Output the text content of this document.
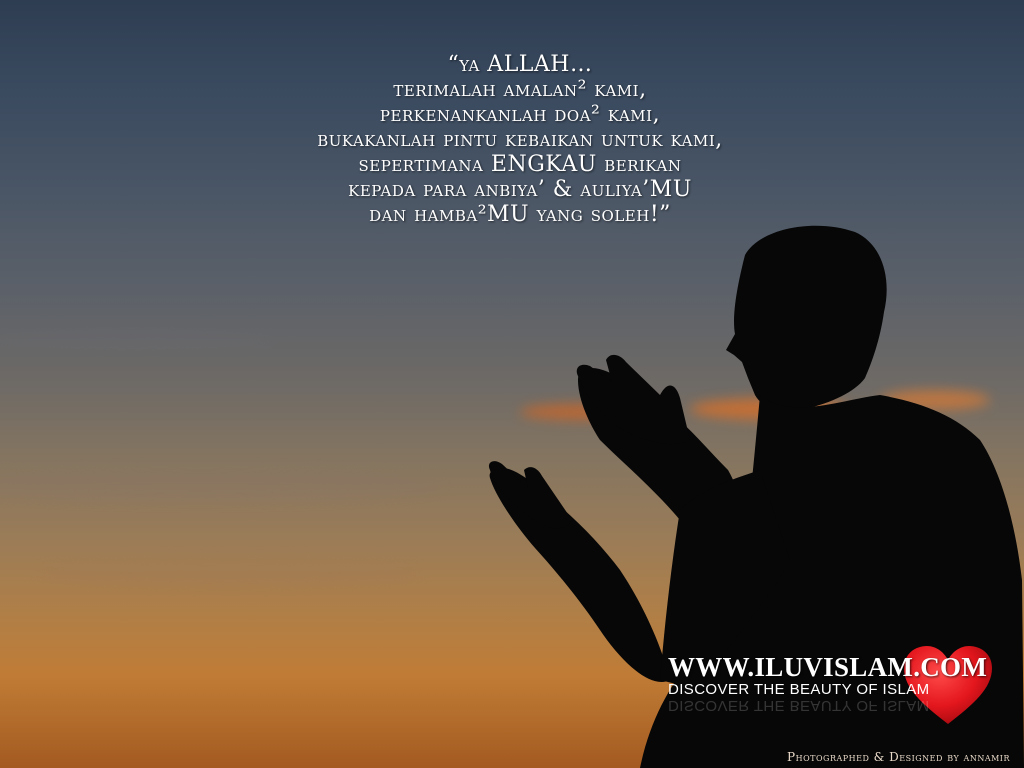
“ya ALLAH…
terimalah amalan² kami,
perkenankanlah doa² kami,
bukakanlah pintu kebaikan untuk kami,
sepertimana ENGKAU berikan
kepada para anbiya’ & auliya’MU
dan hamba²MU yang soleh!”
WWW.ILUVISLAM.COM
DISCOVER THE BEAUTY OF ISLAM
DISCOVER THE BEAUTY OF ISLAM
Photographed & Designed by annamir
